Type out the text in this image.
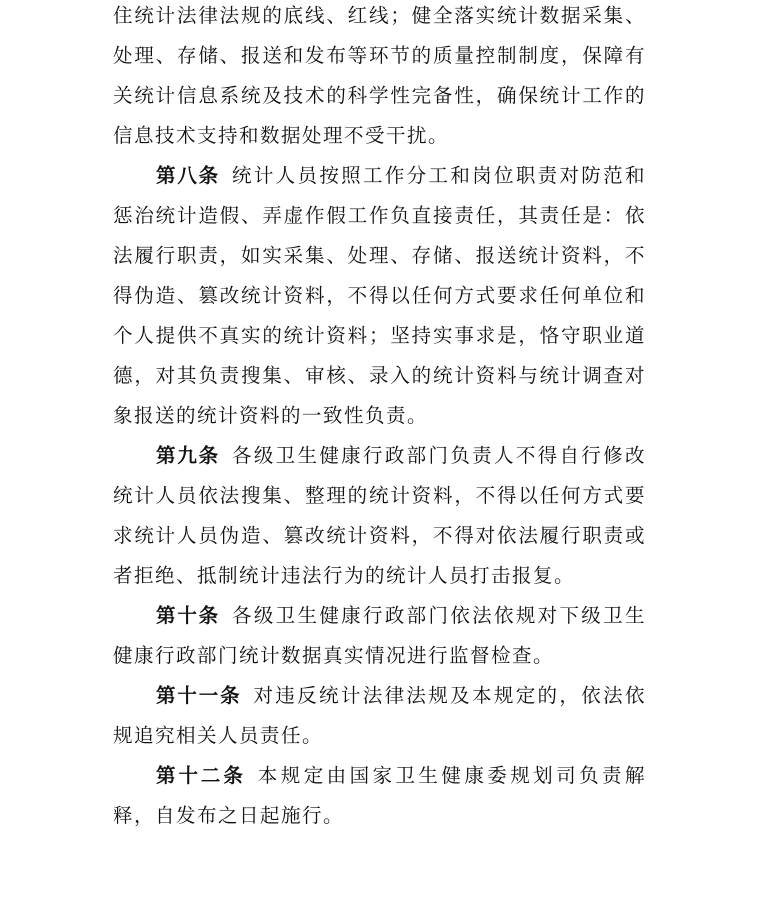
住统计法律法规的底线、红线；健全落实统计数据采集、处理、存储、报送和发布等环节的质量控制制度，保障有关统计信息系统及技术的科学性完备性，确保统计工作的信息技术支持和数据处理不受干扰。

第八条 统计人员按照工作分工和岗位职责对防范和惩治统计造假、弄虚作假工作负直接责任，其责任是：依法履行职责，如实采集、处理、存储、报送统计资料，不得伪造、篡改统计资料，不得以任何方式要求任何单位和个人提供不真实的统计资料；坚持实事求是，恪守职业道德，对其负责搜集、审核、录入的统计资料与统计调查对象报送的统计资料的一致性负责。

第九条 各级卫生健康行政部门负责人不得自行修改统计人员依法搜集、整理的统计资料，不得以任何方式要求统计人员伪造、篡改统计资料，不得对依法履行职责或者拒绝、抵制统计违法行为的统计人员打击报复。

第十条 各级卫生健康行政部门依法依规对下级卫生健康行政部门统计数据真实情况进行监督检查。

第十一条 对违反统计法律法规及本规定的，依法依规追究相关人员责任。

第十二条 本规定由国家卫生健康委规划司负责解释，自发布之日起施行。
